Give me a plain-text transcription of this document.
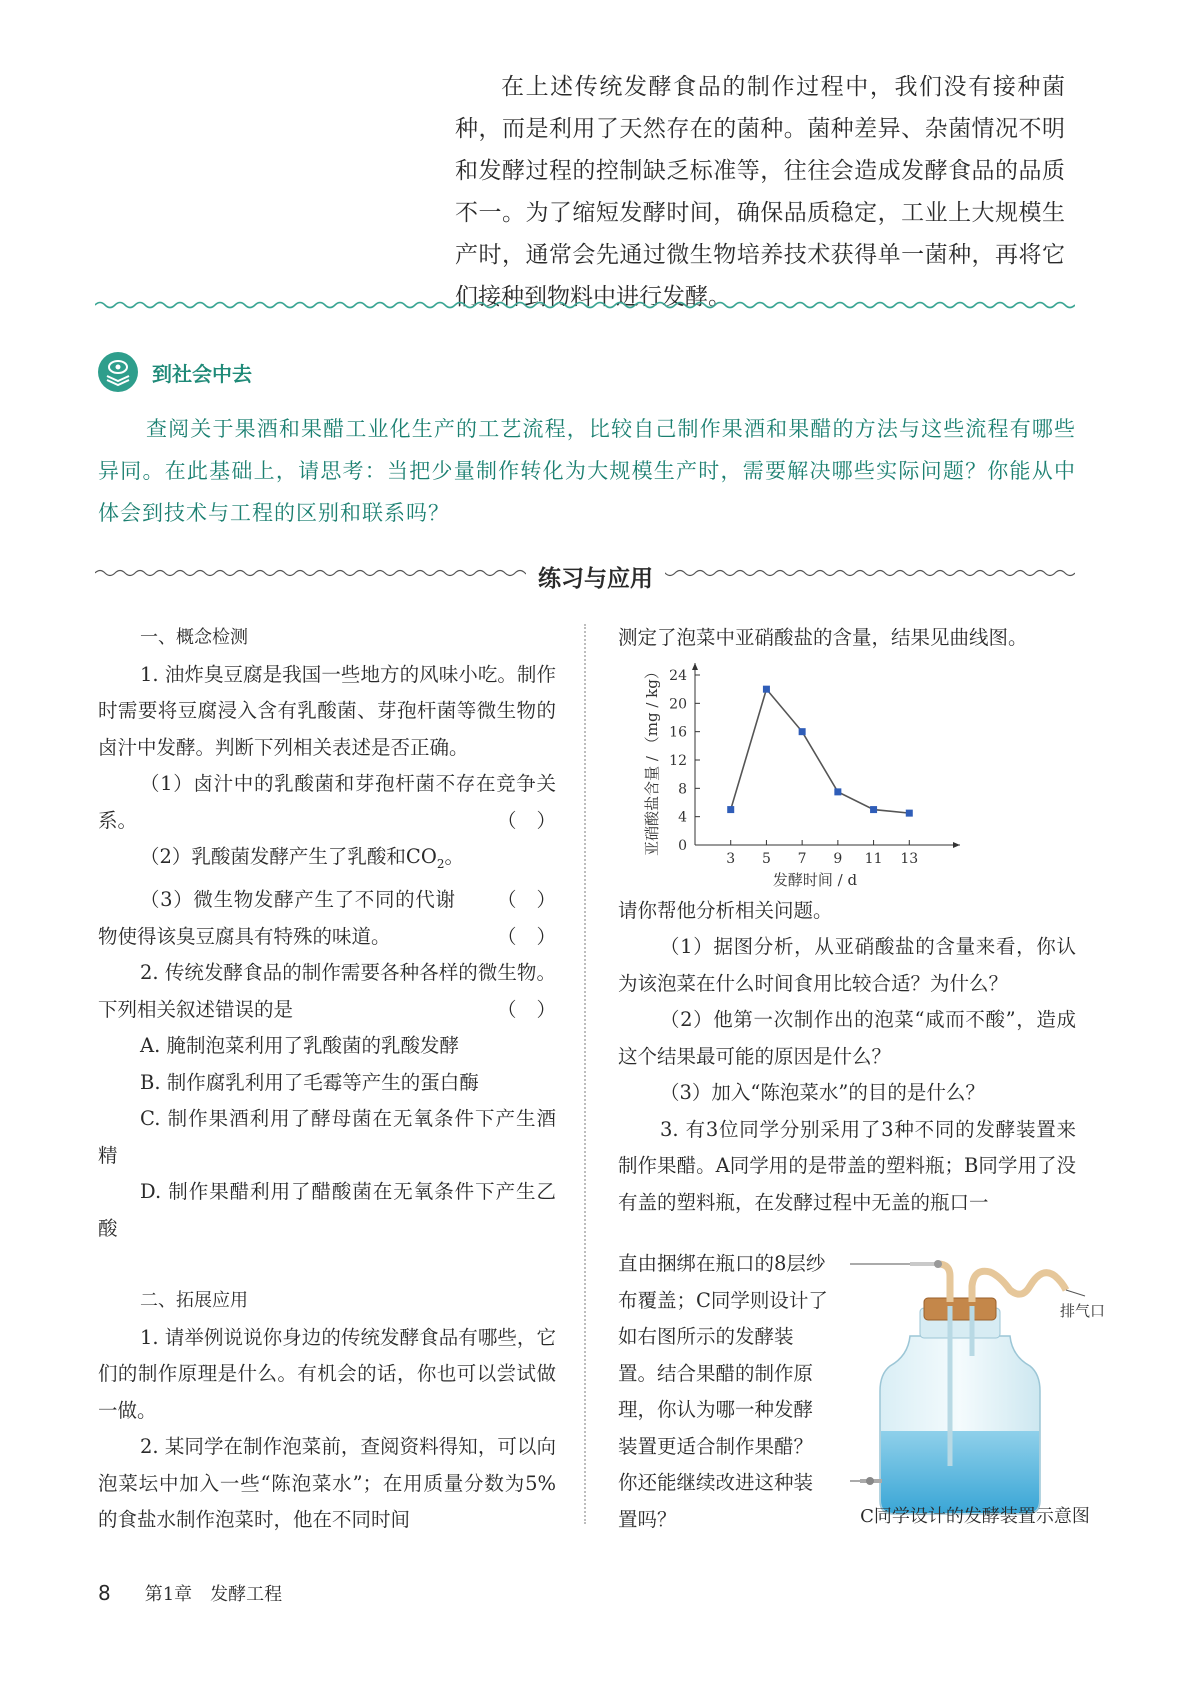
在上述传统发酵食品的制作过程中，我们没有接种菌种，而是利用了天然存在的菌种。菌种差异、杂菌情况不明和发酵过程的控制缺乏标准等，往往会造成发酵食品的品质不一。为了缩短发酵时间，确保品质稳定，工业上大规模生产时，通常会先通过微生物培养技术获得单一菌种，再将它们接种到物料中进行发酵。

到社会中去

查阅关于果酒和果醋工业化生产的工艺流程，比较自己制作果酒和果醋的方法与这些流程有哪些异同。在此基础上，请思考：当把少量制作转化为大规模生产时，需要解决哪些实际问题？你能从中体会到技术与工程的区别和联系吗？

练习与应用

一、概念检测

1. 油炸臭豆腐是我国一些地方的风味小吃。制作时需要将豆腐浸入含有乳酸菌、芽孢杆菌等微生物的卤汁中发酵。判断下列相关表述是否正确。

（1）卤汁中的乳酸菌和芽孢杆菌不存在竞争关系。	（）

（2）乳酸菌发酵产生了乳酸和$CO_2$。
（）

（3）微生物发酵产生了不同的代谢物使得该臭豆腐具有特殊的味道。	（）

2. 传统发酵食品的制作需要各种各样的微生物。下列相关叙述错误的是	（）

A. 腌制泡菜利用了乳酸菌的乳酸发酵

B. 制作腐乳利用了毛霉等产生的蛋白酶

C. 制作果酒利用了酵母菌在无氧条件下产生酒精

D. 制作果醋利用了醋酸菌在无氧条件下产生乙酸

二、拓展应用

1. 请举例说说你身边的传统发酵食品有哪些，它们的制作原理是什么。有机会的话，你也可以尝试做一做。

2. 某同学在制作泡菜前，查阅资料得知，可以向泡菜坛中加入一些“陈泡菜水”；在用质量分数为5%的食盐水制作泡菜时，他在不同时间

测定了泡菜中亚硝酸盐的含量，结果见曲线图。

请你帮他分析相关问题。

（1）据图分析，从亚硝酸盐的含量来看，你认为该泡菜在什么时间食用比较合适？为什么？

（2）他第一次制作出的泡菜“咸而不酸”，造成这个结果最可能的原因是什么？

（3）加入“陈泡菜水”的目的是什么？

3. 有3位同学分别采用了3种不同的发酵装置来制作果醋。A同学用的是带盖的塑料瓶；B同学用了没有盖的塑料瓶，在发酵过程中无盖的瓶口一

0
4
8
12
16
20
24
3 5 7 9 11 13
发酵时间 / d
亚硝酸盐含量 / （mg / kg）

直由捆绑在瓶口的8层纱布覆盖；C同学则设计了如右图所示的发酵装置。结合果醋的制作原理，你认为哪一种发酵装置更适合制作果醋？你还能继续改进这种装置吗？

排气口
C同学设计的发酵装置示意图
8 第1章　发酵工程
